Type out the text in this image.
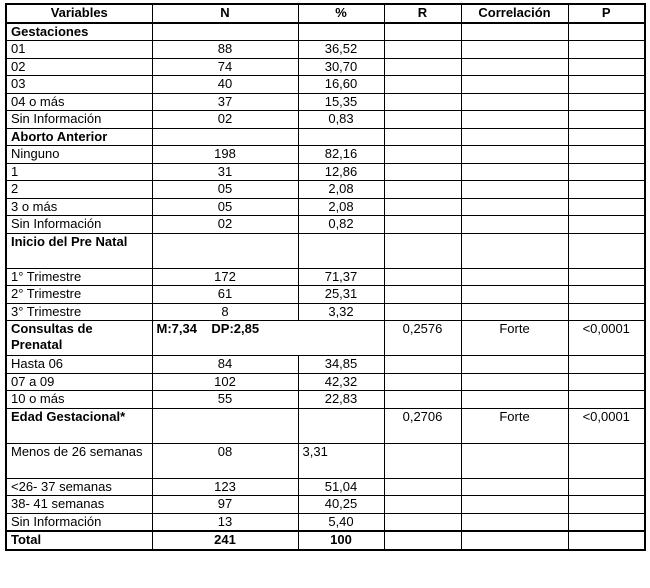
Variables	N	%	R	Correlación	P
Gestaciones					
01	88	36,52			
02	74	30,70			
03	40	16,60			
04 o más	37	15,35			
Sin Información	02	0,83			
Aborto Anterior					
Ninguno	198	82,16			
1	31	12,86			
2	05	2,08			
3 o más	05	2,08			
Sin Información	02	0,82			
Inicio del Pre Natal					
1° Trimestre	172	71,37			
2° Trimestre	61	25,31			
3° Trimestre	8	3,32			
Consultas de Prenatal	M:7,34    DP:2,85		0,2576	Forte	<0,0001
Hasta 06	84	34,85			
07 a 09	102	42,32			
10 o más	55	22,83			
Edad Gestacional*			0,2706	Forte	<0,0001
Menos de 26 semanas	08	3,31			
<26- 37 semanas	123	51,04			
38- 41 semanas	97	40,25			
Sin Información	13	5,40			
Total	241	100			
